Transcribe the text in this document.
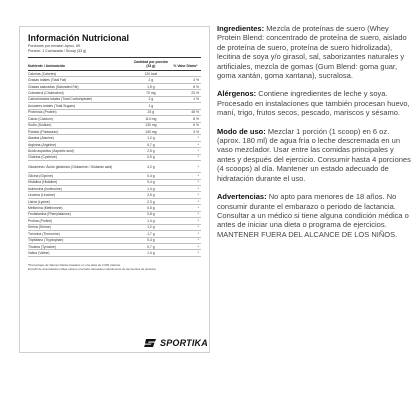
Información Nutricional
Porciones por envase: Aprox. 69
Porción: 1 Cucharada / Scoop (33 g)
Nutriente / Aminoácido	Cantidad por porción (33 g)	% Valor Diario*
Calorías (Calories)	120 kcal	
Grasas totales (Total Fat)	2 g	3 %
Grasas saturadas (Saturated Fat)	1,5 g	8 %
Colesterol (Cholesterol)	70 mg	23 %
Carbohidratos totales (Total Carbohydrate)	2 g	1 %
Azúcares totales (Total Sugars)	1 g	
Proteínas (Protein)	24 g	48 %
Calcio (Calcium)	110 mg	8 %
Sodio (Sodium)	130 mg	6 %
Potasio (Potassium)	140 mg	3 %
Alanina (Alanine)	1,2 g	*
Arginina (Arginine)	0,7 g	*
Ácido aspártico (Aspartic acid)	2,5 g	*
Cisteína (Cysteine)	0,5 g	*
Glutamina / Ácido glutámico (Glutamine / Glutamic acid)	4,2 g	*
Glicina (Glycine)	0,4 g	*
Histidina (Histidine)	0,4 g	*
Isoleucina (Isoleucine)	1,4 g	*
Leucina (Leucine)	2,5 g	*
Lisina (Lysine)	2,3 g	*
Metionina (Methionine)	0,5 g	*
Fenilalanina (Phenylalanine)	0,8 g	*
Prolina (Proline)	1,4 g	*
Serina (Serine)	1,2 g	*
Treonina (Threonine)	1,7 g	*
Triptófano (Tryptophan)	0,4 g	*
Tirosina (Tyrosine)	0,7 g	*
Valina (Valine)	1,4 g	*
*Porcentajes de Valores Diarios basados en una dieta de 2.000 calorías.
El perfil de aminoácidos refleja valores promedio derivados naturalmente de las fuentes de proteína.
SPORTIKA

Ingredientes: Mezcla de proteínas de suero (Whey Protein Blend: concentrado de proteína de suero, aislado de proteína de suero, proteína de suero hidrolizada), lecitina de soya y/o girasol, sal, saborizantes naturales y artificiales, mezcla de gomas (Gum Blend: goma guar, goma xantán, goma xantana), sucralosa.

Alérgenos: Contiene ingredientes de leche y soya. Procesado en instalaciones que también procesan huevo, maní, trigo, frutos secos, pescado, mariscos y sésamo.

Modo de uso: Mezclar 1 porción (1 scoop) en 6 oz. (aprox. 180 ml) de agua fría o leche descremada en un vaso mezclador. Usar entre las comidas principales y antes y después del ejercicio. Consumir hasta 4 porciones (4 scoops) al día. Mantener un estado adecuado de hidratación durante el uso.

Advertencias: No apto para menores de 18 años. No consumir durante el embarazo o periodo de lactancia. Consultar a un médico si tiene alguna condición médica o antes de iniciar una dieta o programa de ejercicios. MANTENER FUERA DEL ALCANCE DE LOS NIÑOS.
